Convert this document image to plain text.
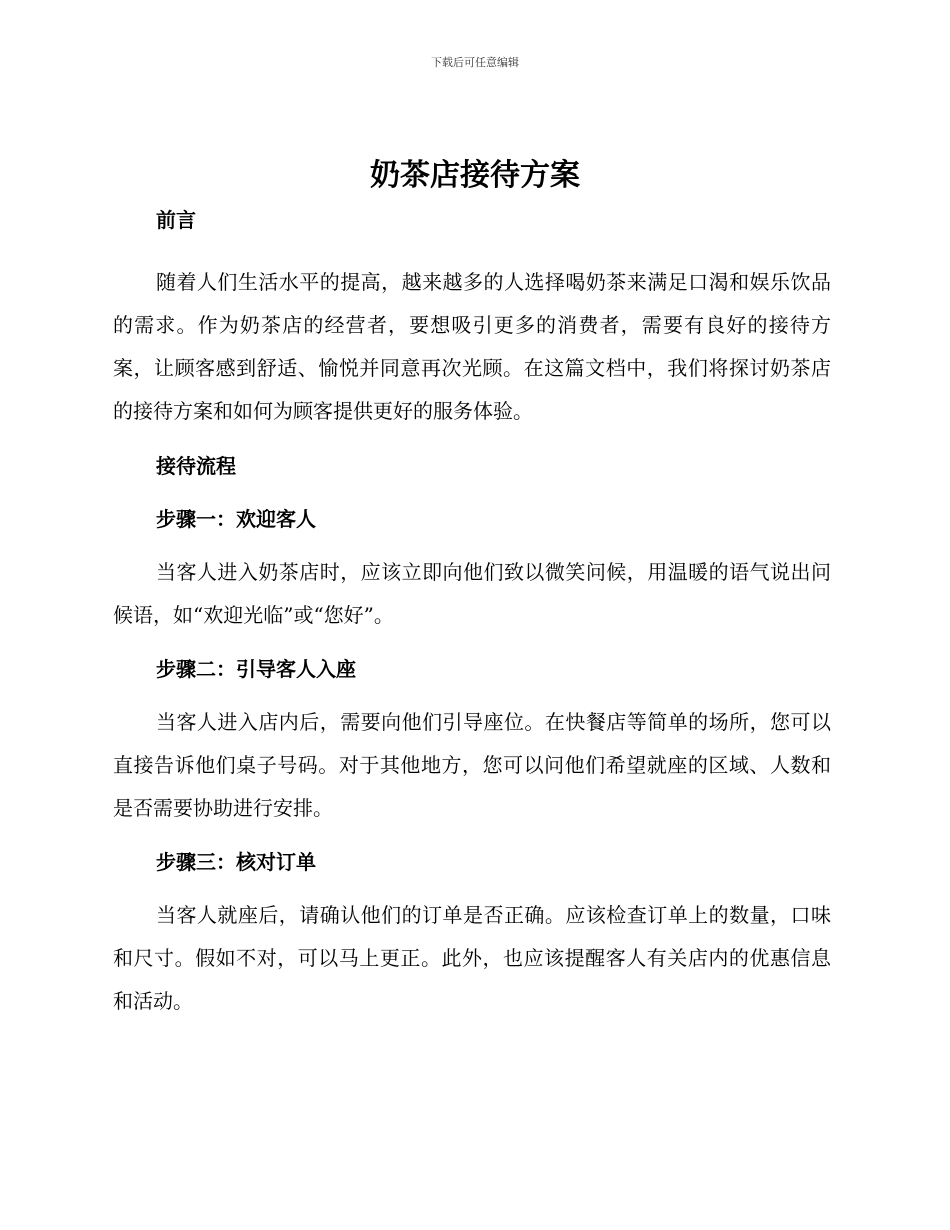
下载后可任意编辑
奶茶店接待方案
前言

随着人们生活水平的提高，越来越多的人选择喝奶茶来满足口渴和娱乐饮品的需求。作为奶茶店的经营者，要想吸引更多的消费者，需要有良好的接待方案，让顾客感到舒适、愉悦并同意再次光顾。在这篇文档中，我们将探讨奶茶店的接待方案和如何为顾客提供更好的服务体验。

接待流程
步骤一：欢迎客人

当客人进入奶茶店时，应该立即向他们致以微笑问候，用温暖的语气说出问候语，如“欢迎光临”或“您好”。

步骤二：引导客人入座

当客人进入店内后，需要向他们引导座位。在快餐店等简单的场所，您可以直接告诉他们桌子号码。对于其他地方，您可以问他们希望就座的区域、人数和是否需要协助进行安排。

步骤三：核对订单

当客人就座后，请确认他们的订单是否正确。应该检查订单上的数量，口味和尺寸。假如不对，可以马上更正。此外，也应该提醒客人有关店内的优惠信息和活动。
